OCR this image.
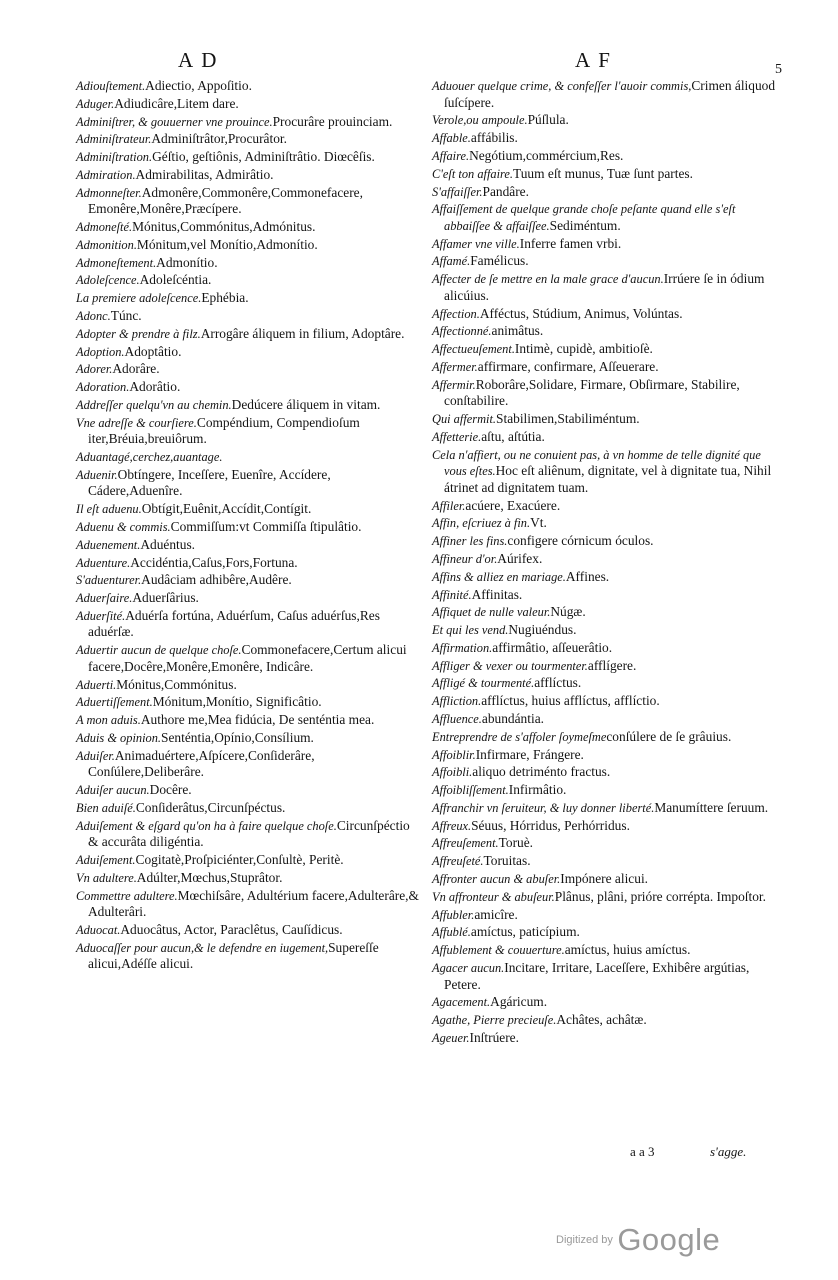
A D	A F	5
Adiouſtement.Adiectio, Appoſitio.
Aduger.Adiudicâre,Litem dare.
Adminiſtrer, & gouuerner vne prouince.Procurâre prouinciam.
Adminiſtrateur.Adminiſtrâtor,Procurâtor.
Adminiſtration.Géſtio, geſtiônis, Adminiſtrâtio. Diœcêſis.
Admiration.Admirabilitas, Admirâtio.
Admonneſter.Admonêre,Commonêre,Commonefacere, Emonêre,Monêre,Præcípere.
Admoneſté.Mónitus,Commónitus,Admónitus.
Admonition.Mónitum,vel Monítio,Admonítio.
Admoneſtement.Admonítio.
Adoleſcence.Adoleſcéntia.
La premiere adoleſcence.Ephébia.
Adonc.Túnc.
Adopter & prendre à filz.Arrogâre áliquem in filium, Adoptâre.
Adoption.Adoptâtio.
Adorer.Adorâre.
Adoration.Adorâtio.
Addreſſer quelqu'vn au chemin.Dedúcere áliquem in vitam.
Vne adreſſe & courſiere.Compéndium, Compendioſum iter,Bréuia,breuiôrum.
Aduantagé,cerchez,auantage.
Aduenir.Obtíngere, Inceſſere, Euenîre, Accídere, Cádere,Aduenîre.
Il eſt aduenu.Obtígit,Euênit,Accídit,Contígit.
Aduenu & commis.Commiſſum:vt Commiſſa ſtipulâtio.
Aduenement.Aduéntus.
Aduenture.Accidéntia,Caſus,Fors,Fortuna.
S'aduenturer.Audâciam adhibêre,Audêre.
Aduerſaire.Aduerſârius.
Aduerſité.Aduérſa fortúna, Aduérſum, Caſus aduérſus,Res aduérſæ.
Aduertir aucun de quelque choſe.Commonefacere,Certum alicui facere,Docêre,Monêre,Emonêre, Indicâre.
Aduerti.Mónitus,Commónitus.
Aduertiſſement.Mónitum,Monítio, Significâtio.
A mon aduis.Authore me,Mea fidúcia, De senténtia mea.
Aduis & opinion.Senténtia,Opínio,Consílium.
Aduiſer.Animaduértere,Aſpícere,Conſiderâre, Conſúlere,Deliberâre.
Aduiſer aucun.Docêre.
Bien aduiſé.Conſiderâtus,Circunſpéctus.
Aduiſement & eſgard qu'on ha à faire quelque choſe.Circunſpéctio & accurâta diligéntia.
Aduiſement.Cogitatè,Proſpiciénter,Conſultè, Peritè.
Vn adultere.Adúlter,Mœchus,Stuprâtor.
Commettre adultere.Mœchiſsâre, Adultérium facere,Adulterâre,& Adulterâri.
Aduocat.Aduocâtus, Actor, Paraclêtus, Cauſídicus.
Aduocaſſer pour aucun,& le defendre en iugement,Supereſſe alicui,Adéſſe alicui.
Aduouer quelque crime, & confeſſer l'auoir commis,Crimen áliquod ſuſcípere.
Verole,ou ampoule.Púſlula.
Affable.affábilis.
Affaire.Negótium,commércium,Res.
C'eſt ton affaire.Tuum eſt munus, Tuæ ſunt partes.
S'affaiſſer.Pandâre.
Affaiſſement de quelque grande choſe peſante quand elle s'eſt abbaiſſee & affaiſſee.Sediméntum.
Affamer vne ville.Inferre famen vrbi.
Affamé.Famélicus.
Affecter de ſe mettre en la male grace d'aucun.Irrúere ſe in ódium alicúius.
Affection.Afféctus, Stúdium, Animus, Volúntas.
Affectionné.animâtus.
Affectueuſement.Intimè, cupidè, ambitioſè.
Affermer.affirmare, confirmare, Aſſeuerare.
Affermir.Roborâre,Solidare, Firmare, Obſirmare, Stabilire, conſtabilire.
Qui affermit.Stabilimen,Stabiliméntum.
Affetterie.aſtu, aſtútia.
Cela n'affiert, ou ne conuient pas, à vn homme de telle dignité que vous eſtes.Hoc eſt aliênum, dignitate, vel à dignitate tua, Nihil átrinet ad dignitatem tuam.
Affiler.acúere, Exacúere.
Affin, eſcriuez à fin.Vt.
Affiner les fins.configere córnicum óculos.
Affineur d'or.Aúrifex.
Affins & alliez en mariage.Affines.
Affinité.Affinitas.
Affiquet de nulle valeur.Núgæ.
Et qui les vend.Nugiuéndus.
Affirmation.affirmâtio, aſſeuerâtio.
Affliger & vexer ou tourmenter.afflígere.
Affligé & tourmenté.afflíctus.
Affliction.afflíctus, huius afflíctus, afflíctio.
Affluence.abundántia.
Entreprendre de s'affoler ſoymeſmeconſúlere de ſe grâuius.
Affoiblir.Infirmare, Frángere.
Affoibli.aliquo detriménto fractus.
Affoibliſſement.Infirmâtio.
Affranchir vn ſeruiteur, & luy donner liberté.Manumíttere ſeruum.
Affreux.Séuus, Hórridus, Perhórridus.
Affreuſement.Toruè.
Affreuſeté.Toruitas.
Affronter aucun & abuſer.Impónere alicui.
Vn affronteur & abuſeur.Plânus, plâni, prióre corrépta. Impoſtor.
Affubler.amicîre.
Affublé.amíctus, paticípium.
Affublement & couuerture.amíctus, huius amíctus.
Agacer aucun.Incitare, Irritare, Laceſſere, Exhibêre argútias, Petere.
Agacement.Agáricum.
Agathe, Pierre precieuſe.Achâtes, achâtæ.
Ageuer.Inſtrúere.
a a 3	s'agge.
Digitized by Google
